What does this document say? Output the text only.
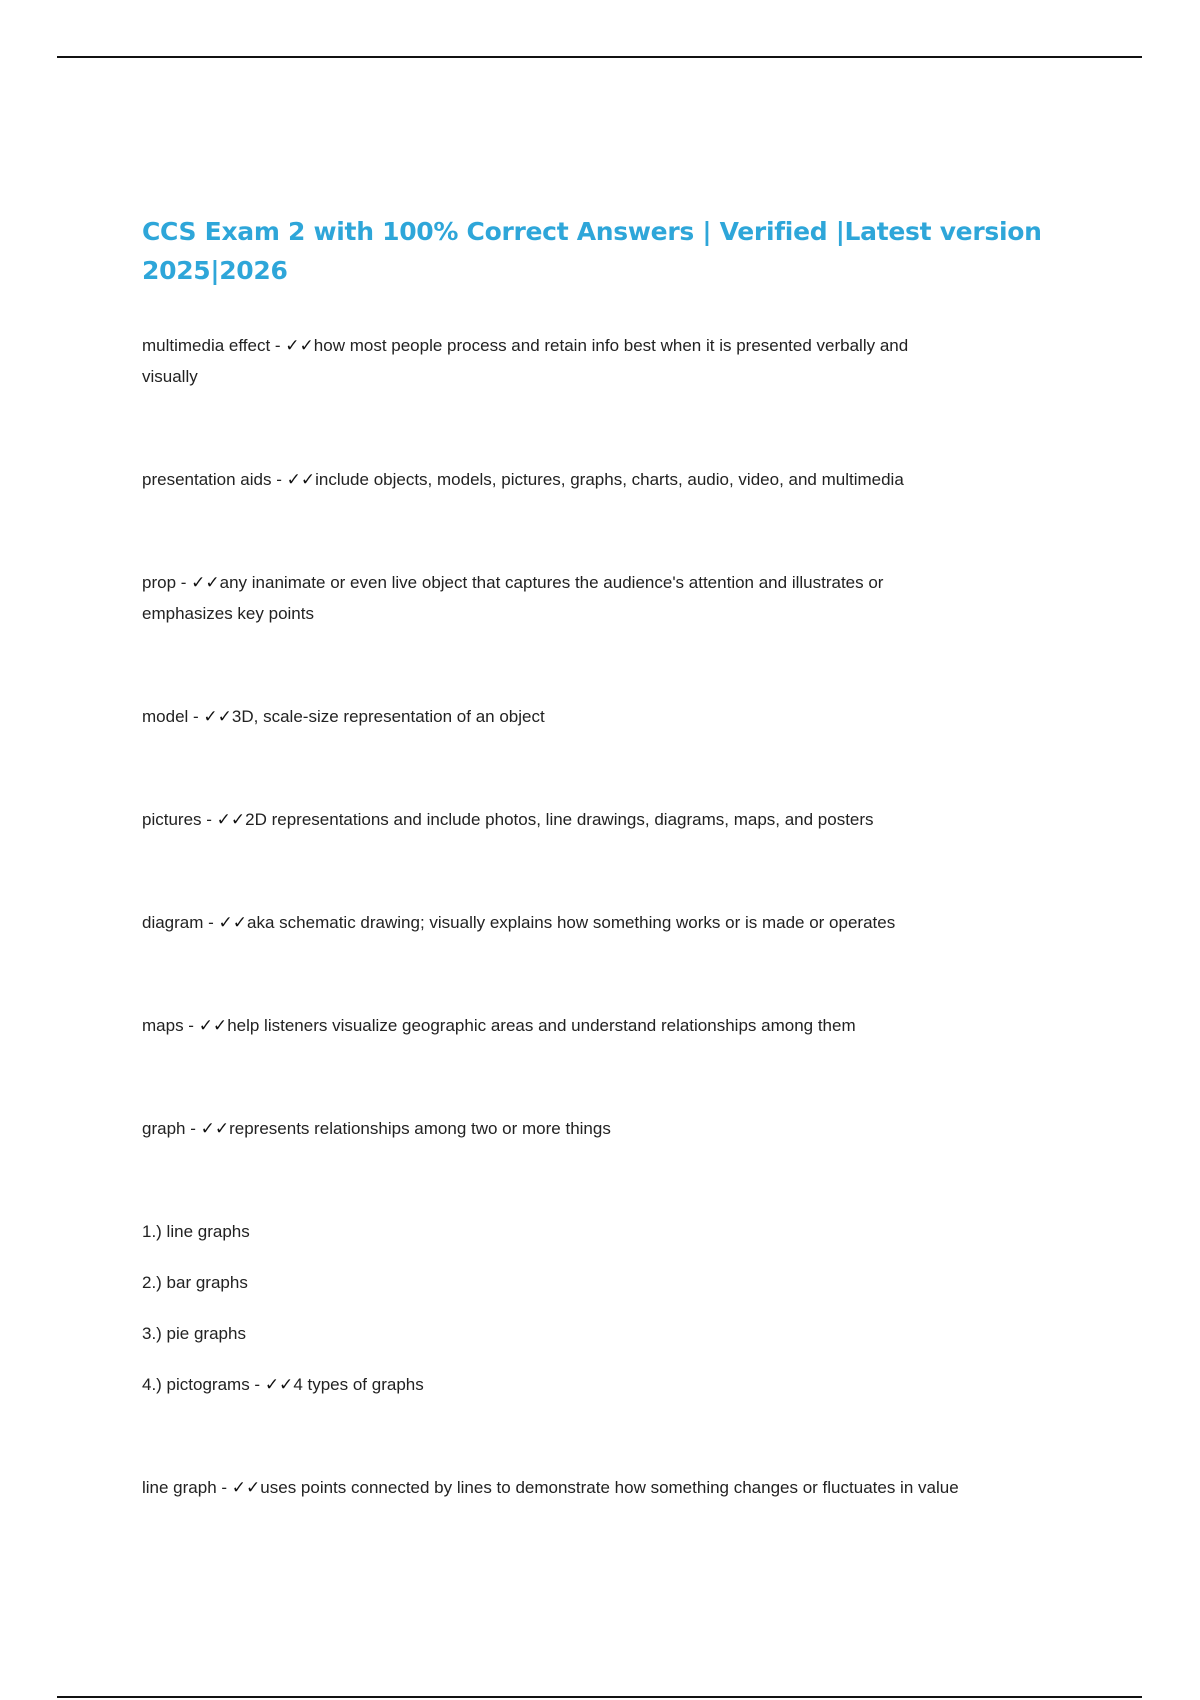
CCS Exam 2 with 100% Correct Answers | Verified |Latest version 2025|2026
multimedia effect - ✓✓how most people process and retain info best when it is presented verbally and visually
presentation aids - ✓✓include objects, models, pictures, graphs, charts, audio, video, and multimedia
prop - ✓✓any inanimate or even live object that captures the audience's attention and illustrates or emphasizes key points
model - ✓✓3D, scale-size representation of an object
pictures - ✓✓2D representations and include photos, line drawings, diagrams, maps, and posters
diagram - ✓✓aka schematic drawing; visually explains how something works or is made or operates
maps - ✓✓help listeners visualize geographic areas and understand relationships among them
graph - ✓✓represents relationships among two or more things
1.) line graphs
2.) bar graphs
3.) pie graphs
4.) pictograms - ✓✓4 types of graphs
line graph - ✓✓uses points connected by lines to demonstrate how something changes or fluctuates in value
